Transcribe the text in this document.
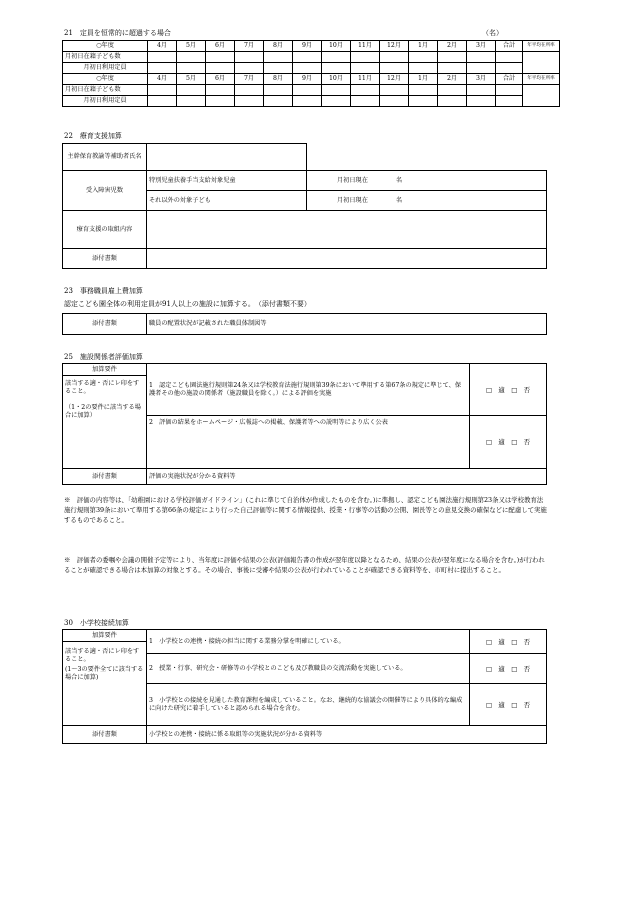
21　定員を恒常的に超過する場合	（名）
○年度	4月	5月	6月	7月	8月	9月	10月	11月	12月	1月	2月	3月	合計	年平均在所率
月初日在籍子ども数														
月初日利用定員														
○年度	4月	5月	6月	7月	8月	9月	10月	11月	12月	1月	2月	3月	合計	年平均在所率
月初日在籍子ども数														
月初日利用定員														
22　療育支援加算
主幹保育教諭等補助者氏名		
受入障害児数	特別児童扶養手当支給対象児童	月初日現在 名
	それ以外の対象子ども	月初日現在 名
療育支援の取組内容		
添付書類		
23　事務職員雇上費加算
認定こども園全体の利用定員が91人以上の施設に加算する。　（添付書類不要）
添付書類	職員の配置状況が記載された職員体制図等
25　施設関係者評価加算
加算要件	1　認定こども園法施行規則第24条又は学校教育法施行規則第39条において準用する第67条の規定に準じて、保護者その他の施設の関係者（施設職員を除く。）による評価を実施	□　適　□　否

該当する適・否にレ印をすること。
（1・2の要件に該当する場合に加算）		

	2　評価の結果をホームページ・広報誌への掲載、保護者等への説明等により広く公表	□　適　□　否
添付書類	評価の実施状況が分かる資料等	
※　評価の内容等は、「幼稚園における学校評価ガイドライン」(これに準じて自治体が作成したものを含む。)に準拠し、認定こども園法施行規則第23条又は学校教育法施行規則第39条において準用する第66条の規定により行った自己評価等に関する情報提供、授業・行事等の活動の公開、園長等との意見交換の確保などに配慮して実施するものであること。
※　評価者の委嘱や会議の開催予定等により、当年度に評価や結果の公表(評価報告書の作成が翌年度以降となるため、結果の公表が翌年度になる場合を含む。)が行われることが確認できる場合は本加算の対象とする。その場合、事後に受審や結果の公表が行われていることが確認できる資料等を、市町村に提出すること。
30　小学校接続加算
加算要件	1　小学校との連携・接続の担当に関する業務分掌を明確にしている。	□　適　□　否

該当する適・否にレ印をすること。
(1～3の要件全てに該当する場合に加算)		

	2　授業・行事、研究会・研修等の小学校とのこども及び教職員の交流活動を実施している。	□　適　□　否
	3　小学校との接続を見通した教育課程を編成していること。なお、継続的な協議会の開催等により具体的な編成に向けた研究に着手していると認められる場合を含む。	□　適　□　否
添付書類	小学校との連携・接続に係る取組等の実施状況が分かる資料等	
